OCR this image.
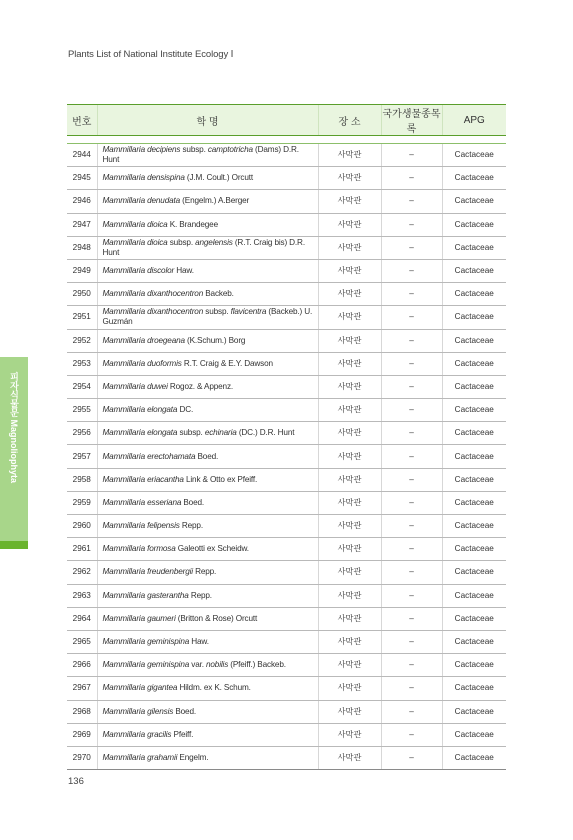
Plants List of National Institute Ecology Ⅰ
피자식물문 Magnoliophyta
번호	학 명	장 소	국가생물종목록	APG

2944	Mammillaria decipiens subsp. camptotricha (Dams) D.R. Hunt	사막관	–	Cactaceae
2945	Mammillaria densispina (J.M. Coult.) Orcutt	사막관	–	Cactaceae
2946	Mammillaria denudata (Engelm.) A.Berger	사막관	–	Cactaceae
2947	Mammillaria dioica K. Brandegee	사막관	–	Cactaceae
2948	Mammillaria dioica subsp. angelensis (R.T. Craig bis) D.R. Hunt	사막관	–	Cactaceae
2949	Mammillaria discolor Haw.	사막관	–	Cactaceae
2950	Mammillaria dixanthocentron Backeb.	사막관	–	Cactaceae
2951	Mammillaria dixanthocentron subsp. flavicentra (Backeb.) U. Guzmán	사막관	–	Cactaceae
2952	Mammillaria droegeana (K.Schum.) Borg	사막관	–	Cactaceae
2953	Mammillaria duoformis R.T. Craig & E.Y. Dawson	사막관	–	Cactaceae
2954	Mammillaria duwei Rogoz. & Appenz.	사막관	–	Cactaceae
2955	Mammillaria elongata DC.	사막관	–	Cactaceae
2956	Mammillaria elongata subsp. echinaria (DC.) D.R. Hunt	사막관	–	Cactaceae
2957	Mammillaria erectohamata Boed.	사막관	–	Cactaceae
2958	Mammillaria eriacantha Link & Otto ex Pfeiff.	사막관	–	Cactaceae
2959	Mammillaria esseriana Boed.	사막관	–	Cactaceae
2960	Mammillaria felipensis Repp.	사막관	–	Cactaceae
2961	Mammillaria formosa Galeotti ex Scheidw.	사막관	–	Cactaceae
2962	Mammillaria freudenbergii Repp.	사막관	–	Cactaceae
2963	Mammillaria gasterantha Repp.	사막관	–	Cactaceae
2964	Mammillaria gaumeri (Britton & Rose) Orcutt	사막관	–	Cactaceae
2965	Mammillaria geminispina Haw.	사막관	–	Cactaceae
2966	Mammillaria geminispina var. nobilis (Pfeiff.) Backeb.	사막관	–	Cactaceae
2967	Mammillaria gigantea Hildm. ex K. Schum.	사막관	–	Cactaceae
2968	Mammillaria gilensis Boed.	사막관	–	Cactaceae
2969	Mammillaria gracilis Pfeiff.	사막관	–	Cactaceae
2970	Mammillaria grahamii Engelm.	사막관	–	Cactaceae
136
